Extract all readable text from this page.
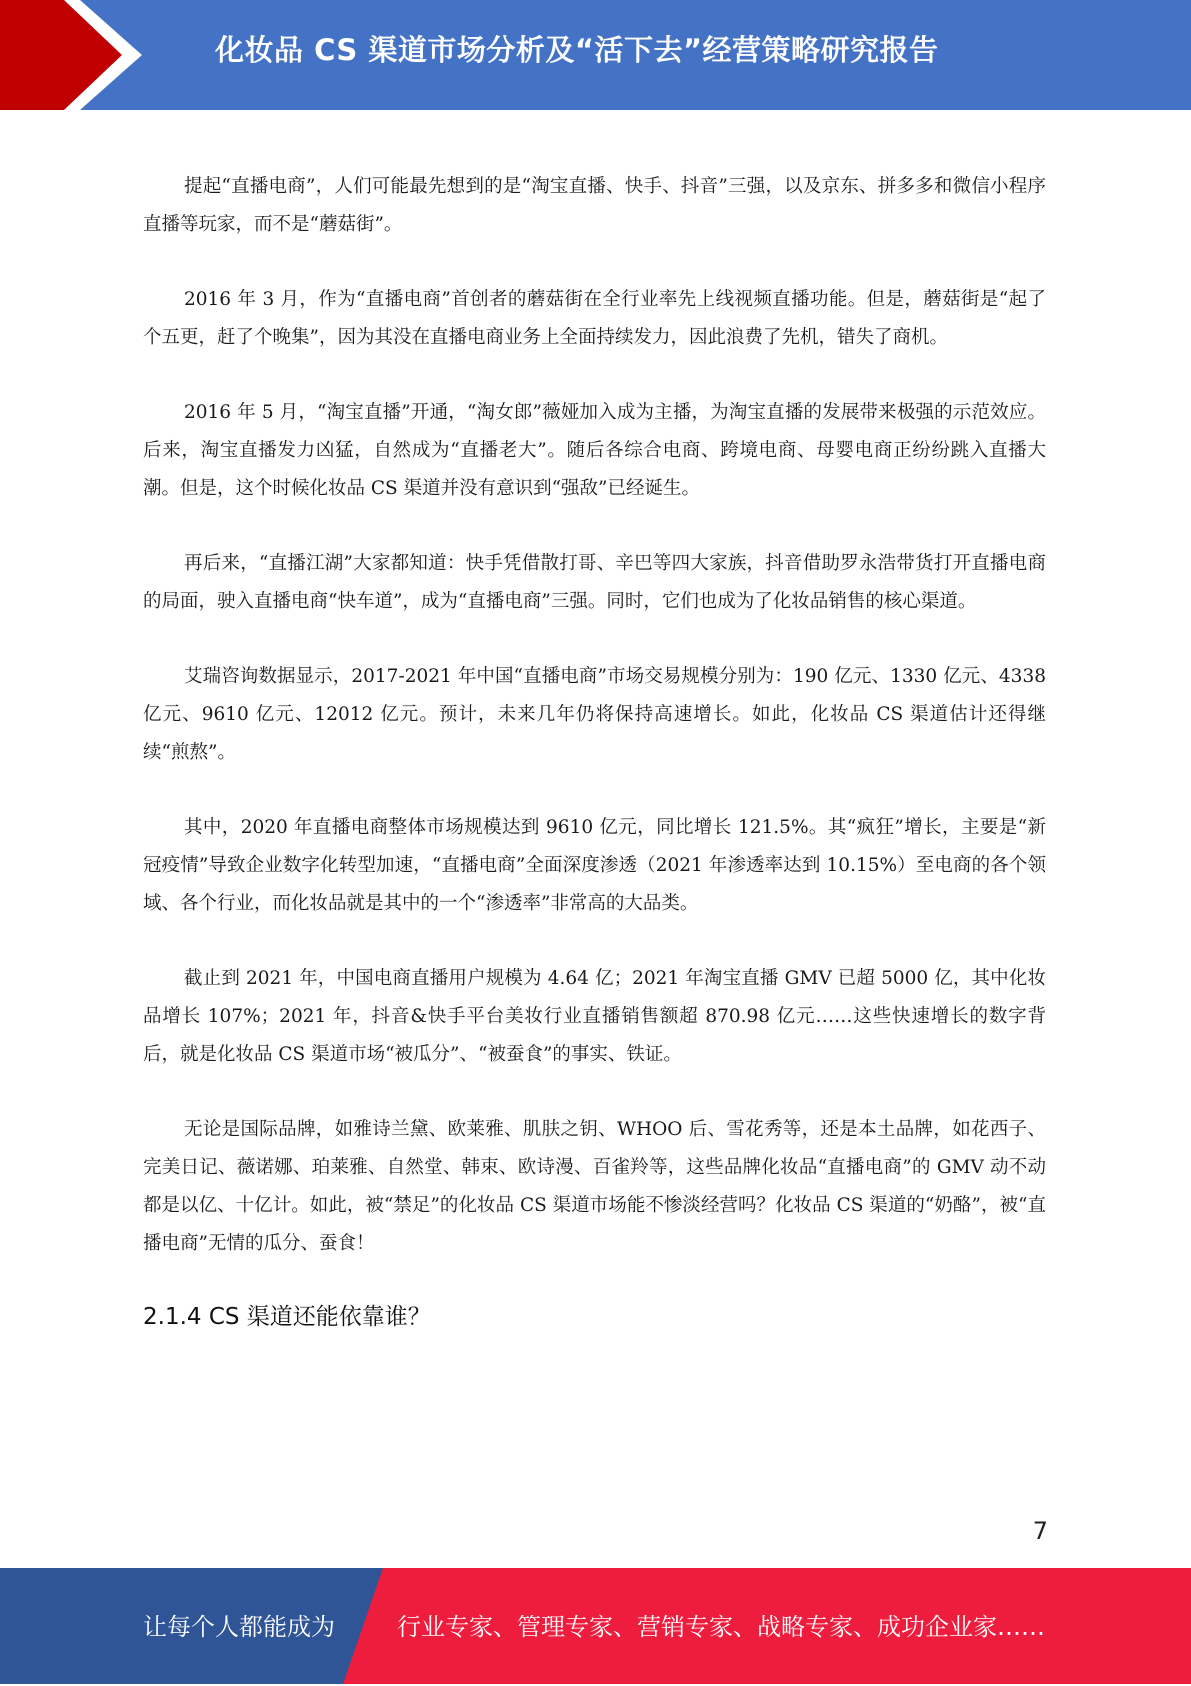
化妆品 CS 渠道市场分析及“活下去”经营策略研究报告

提起“直播电商”，人们可能最先想到的是“淘宝直播、快手、抖音”三强，以及京东、拼多多和微信小程序直播等玩家，而不是“蘑菇街”。

2016 年 3 月，作为“直播电商”首创者的蘑菇街在全行业率先上线视频直播功能。但是，蘑菇街是“起了个五更，赶了个晚集”，因为其没在直播电商业务上全面持续发力，因此浪费了先机，错失了商机。

2016 年 5 月，“淘宝直播”开通，“淘女郎”薇娅加入成为主播，为淘宝直播的发展带来极强的示范效应。后来，淘宝直播发力凶猛，自然成为“直播老大”。随后各综合电商、跨境电商、母婴电商正纷纷跳入直播大潮。但是，这个时候化妆品 CS 渠道并没有意识到“强敌”已经诞生。

再后来，“直播江湖”大家都知道：快手凭借散打哥、辛巴等四大家族，抖音借助罗永浩带货打开直播电商的局面，驶入直播电商“快车道”，成为“直播电商”三强。同时，它们也成为了化妆品销售的核心渠道。

艾瑞咨询数据显示，2017-2021 年中国“直播电商”市场交易规模分别为：190 亿元、1330 亿元、4338 亿元、9610 亿元、12012 亿元。预计，未来几年仍将保持高速增长。如此，化妆品 CS 渠道估计还得继续“煎熬”。

其中，2020 年直播电商整体市场规模达到 9610 亿元，同比增长 121.5%。其“疯狂”增长，主要是“新冠疫情”导致企业数字化转型加速，“直播电商”全面深度渗透（2021 年渗透率达到 10.15%）至电商的各个领域、各个行业，而化妆品就是其中的一个“渗透率”非常高的大品类。

截止到 2021 年，中国电商直播用户规模为 4.64 亿；2021 年淘宝直播 GMV 已超 5000 亿，其中化妆品增长 107%；2021 年，抖音&快手平台美妆行业直播销售额超 870.98 亿元……这些快速增长的数字背后，就是化妆品 CS 渠道市场“被瓜分”、“被蚕食”的事实、铁证。

无论是国际品牌，如雅诗兰黛、欧莱雅、肌肤之钥、WHOO 后、雪花秀等，还是本土品牌，如花西子、完美日记、薇诺娜、珀莱雅、自然堂、韩束、欧诗漫、百雀羚等，这些品牌化妆品“直播电商”的 GMV 动不动都是以亿、十亿计。如此，被“禁足”的化妆品 CS 渠道市场能不惨淡经营吗？化妆品 CS 渠道的“奶酪”，被“直播电商”无情的瓜分、蚕食！

2.1.4 CS 渠道还能依靠谁？
7
让每个人都能成为	行业专家、管理专家、营销专家、战略专家、成功企业家……
